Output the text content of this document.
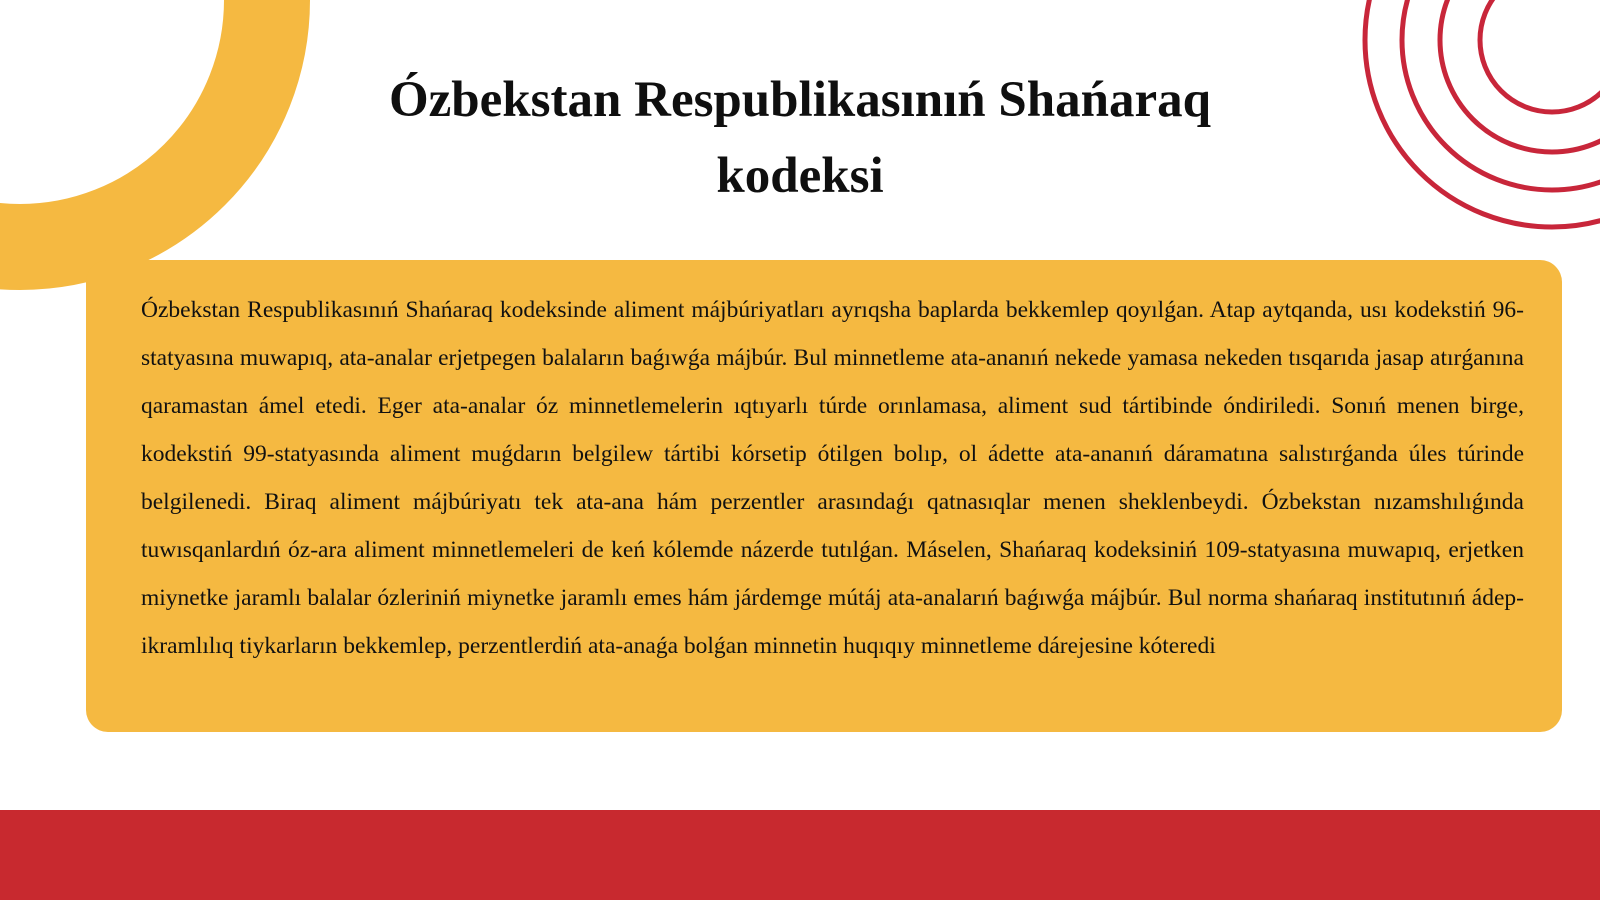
Ózbekstan Respublikasınıń Shańaraq kodeksi

Ózbekstan Respublikasınıń Shańaraq kodeksinde aliment májbúriyatları ayrıqsha baplarda bekkemlep qoyılǵan. Atap aytqanda, usı kodekstiń 96-statyasına muwapıq, ata-analar erjetpegen balaların baǵıwǵa májbúr. Bul minnetleme ata-ananıń nekede yamasa nekeden tısqarıda jasap atırǵanına qaramastan ámel etedi. Eger ata-analar óz minnetlemelerin ıqtıyarlı túrde orınlamasa, aliment sud tártibinde óndiriledi. Sonıń menen birge, kodekstiń 99-statyasında aliment muǵdarın belgilew tártibi kórsetip ótilgen bolıp, ol ádette ata-ananıń dáramatına salıstırǵanda úles túrinde belgilenedi. Biraq aliment májbúriyatı tek ata-ana hám perzentler arasındaǵı qatnasıqlar menen sheklenbeydi. Ózbekstan nızamshılıǵında tuwısqanlardıń óz-ara aliment minnetlemeleri de keń kólemde názerde tutılǵan. Máselen, Shańaraq kodeksiniń 109-statyasına muwapıq, erjetken miynetke jaramlı balalar ózleriniń miynetke jaramlı emes hám járdemge mútáj ata-analarıń baǵıwǵa májbúr. Bul norma shańaraq institutınıń ádep-ikramlılıq tiykarların bekkemlep, perzentlerdiń ata-anaǵa bolǵan minnetin huqıqıy minnetleme dárejesine kóteredi
